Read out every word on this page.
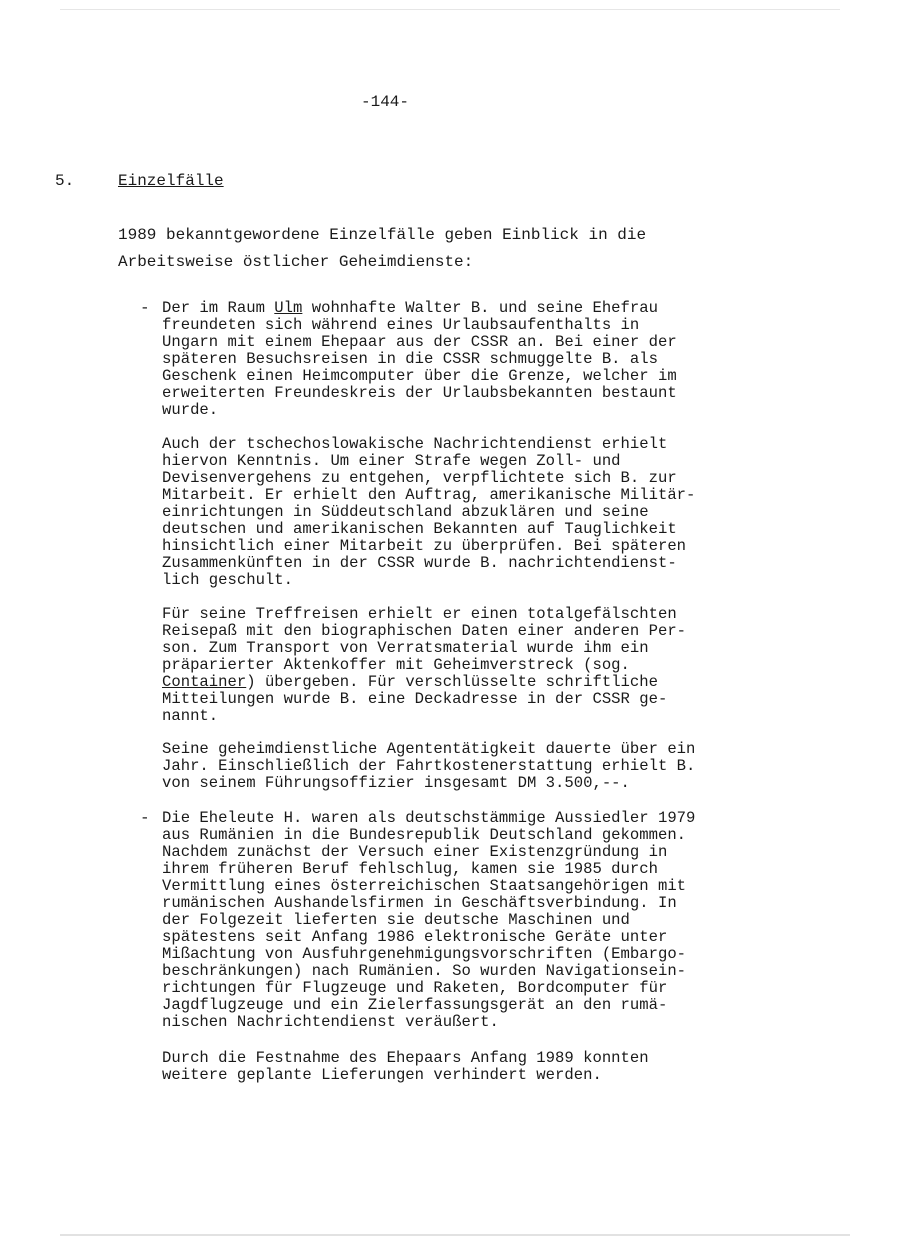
-144-
5.	Einzelfälle
1989 bekanntgewordene Einzelfälle geben Einblick in die
Arbeitsweise östlicher Geheimdienste:
- Der im Raum Ulm wohnhafte Walter B. und seine Ehefrau
freundeten sich während eines Urlaubsaufenthalts in
Ungarn mit einem Ehepaar aus der CSSR an. Bei einer der
späteren Besuchsreisen in die CSSR schmuggelte B. als
Geschenk einen Heimcomputer über die Grenze, welcher im
erweiterten Freundeskreis der Urlaubsbekannten bestaunt
wurde.

Auch der tschechoslowakische Nachrichtendienst erhielt
hiervon Kenntnis. Um einer Strafe wegen Zoll- und
Devisenvergehens zu entgehen, verpflichtete sich B. zur
Mitarbeit. Er erhielt den Auftrag, amerikanische Militär-
einrichtungen in Süddeutschland abzuklären und seine
deutschen und amerikanischen Bekannten auf Tauglichkeit
hinsichtlich einer Mitarbeit zu überprüfen. Bei späteren
Zusammenkünften in der CSSR wurde B. nachrichtendienst-
lich geschult.

Für seine Treffreisen erhielt er einen totalgefälschten
Reisepaß mit den biographischen Daten einer anderen Per-
son. Zum Transport von Verratsmaterial wurde ihm ein
präparierter Aktenkoffer mit Geheimverstreck (sog.
Container) übergeben. Für verschlüsselte schriftliche
Mitteilungen wurde B. eine Deckadresse in der CSSR ge-
nannt.

Seine geheimdienstliche Agententätigkeit dauerte über ein
Jahr. Einschließlich der Fahrtkostenerstattung erhielt B.
von seinem Führungsoffizier insgesamt DM 3.500,--.

- Die Eheleute H. waren als deutschstämmige Aussiedler 1979
aus Rumänien in die Bundesrepublik Deutschland gekommen.
Nachdem zunächst der Versuch einer Existenzgründung in
ihrem früheren Beruf fehlschlug, kamen sie 1985 durch
Vermittlung eines österreichischen Staatsangehörigen mit
rumänischen Aushandelsfirmen in Geschäftsverbindung. In
der Folgezeit lieferten sie deutsche Maschinen und
spätestens seit Anfang 1986 elektronische Geräte unter
Mißachtung von Ausfuhrgenehmigungsvorschriften (Embargo-
beschränkungen) nach Rumänien. So wurden Navigationsein-
richtungen für Flugzeuge und Raketen, Bordcomputer für
Jagdflugzeuge und ein Zielerfassungsgerät an den rumä-
nischen Nachrichtendienst veräußert.

Durch die Festnahme des Ehepaars Anfang 1989 konnten
weitere geplante Lieferungen verhindert werden.
